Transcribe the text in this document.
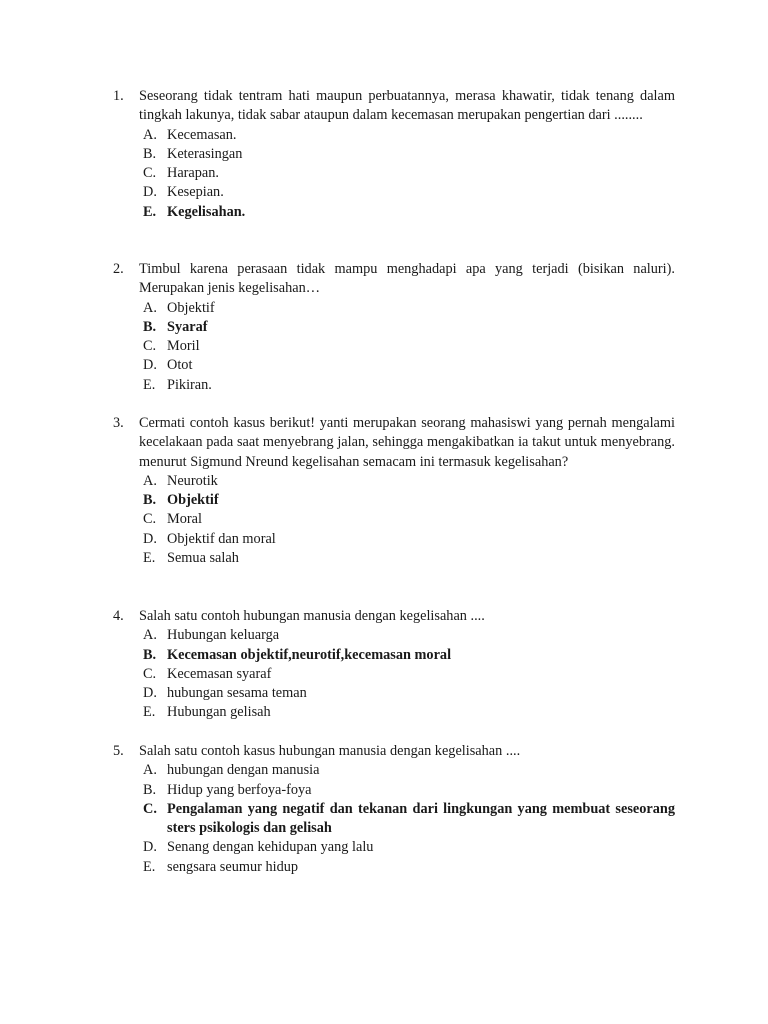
1.	Seseorang tidak tentram hati maupun perbuatannya, merasa khawatir, tidak tenang dalam tingkah lakunya, tidak sabar ataupun dalam kecemasan merupakan pengertian dari ........
A. Kecemasan.
B. Keterasingan
C. Harapan.
D. Kesepian.
E. Kegelisahan.
2.	Timbul karena perasaan tidak mampu menghadapi apa yang terjadi (bisikan naluri). Merupakan jenis kegelisahan…
A. Objektif
B. Syaraf
C. Moril
D. Otot
E. Pikiran.
3.	Cermati contoh kasus berikut! yanti merupakan seorang mahasiswi yang pernah mengalami kecelakaan pada saat menyebrang jalan, sehingga mengakibatkan ia takut untuk menyebrang. menurut Sigmund Nreund kegelisahan semacam ini termasuk kegelisahan?
A. Neurotik
B. Objektif
C. Moral
D. Objektif dan moral
E. Semua salah
4.	Salah satu contoh hubungan manusia dengan kegelisahan ....
A. Hubungan keluarga
B. Kecemasan objektif,neurotif,kecemasan moral
C. Kecemasan syaraf
D. hubungan sesama teman
E. Hubungan gelisah
5.	Salah satu contoh kasus hubungan manusia dengan kegelisahan ....
A. hubungan dengan manusia
B. Hidup yang berfoya-foya
C. Pengalaman yang negatif dan tekanan dari lingkungan yang membuat seseorang sters psikologis dan gelisah
D. Senang dengan kehidupan yang lalu
E. sengsara seumur hidup
